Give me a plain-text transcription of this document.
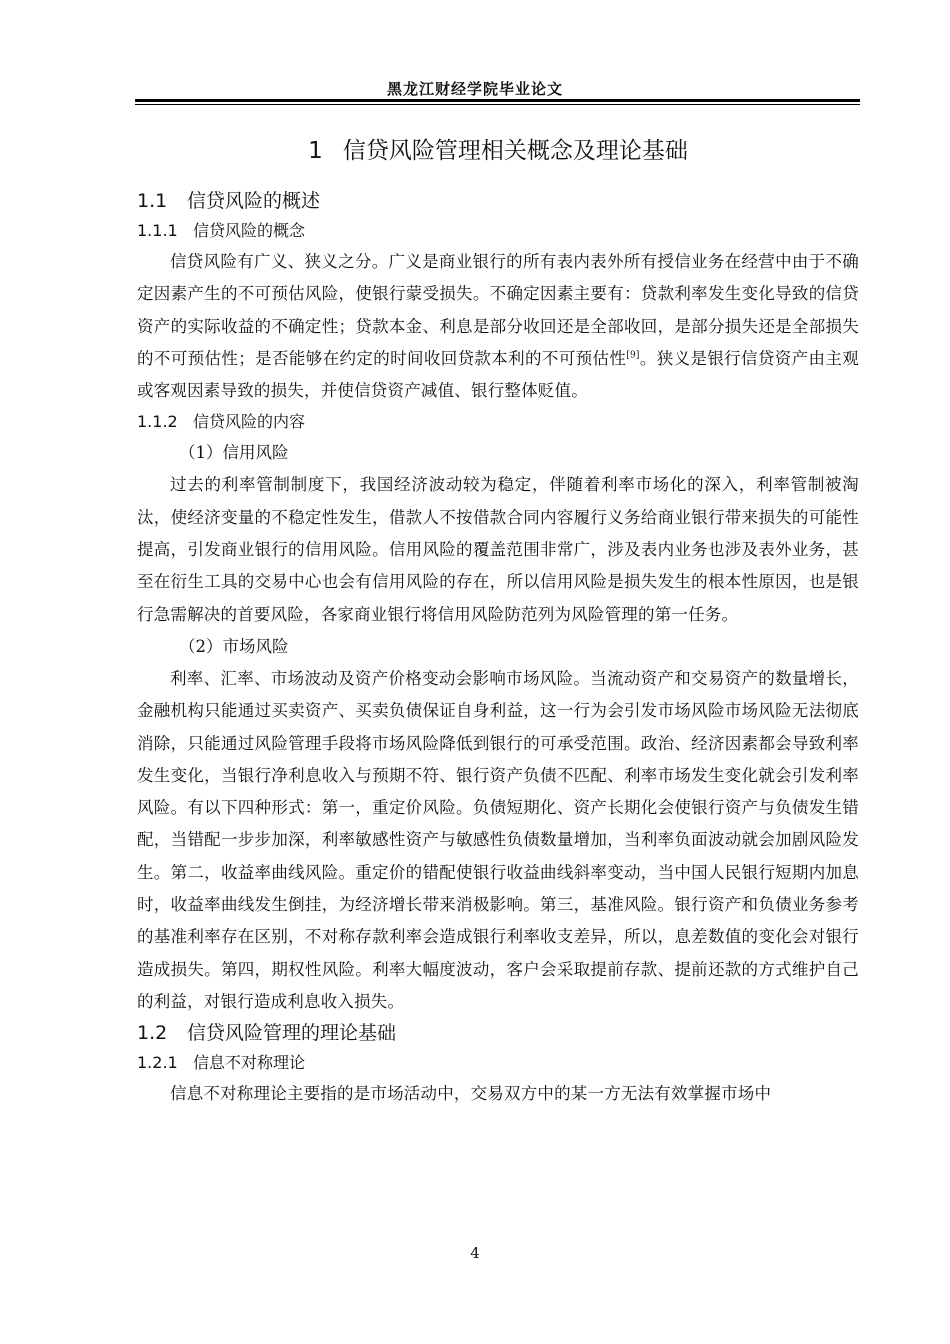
黑龙江财经学院毕业论文
1 信贷风险管理相关概念及理论基础
1.1 信贷风险的概述
1.1.1 信贷风险的概念

信贷风险有广义、狭义之分。广义是商业银行的所有表内表外所有授信业务在经营中由于不确定因素产生的不可预估风险，使银行蒙受损失。不确定因素主要有：贷款利率发生变化导致的信贷资产的实际收益的不确定性；贷款本金、利息是部分收回还是全部收回，是部分损失还是全部损失的不可预估性；是否能够在约定的时间收回贷款本利的不可预估性[9]。狭义是银行信贷资产由主观或客观因素导致的损失，并使信贷资产减值、银行整体贬值。

1.1.2 信贷风险的内容

（1）信用风险

过去的利率管制制度下，我国经济波动较为稳定，伴随着利率市场化的深入，利率管制被淘汰，使经济变量的不稳定性发生，借款人不按借款合同内容履行义务给商业银行带来损失的可能性提高，引发商业银行的信用风险。信用风险的覆盖范围非常广，涉及表内业务也涉及表外业务，甚至在衍生工具的交易中心也会有信用风险的存在，所以信用风险是损失发生的根本性原因，也是银行急需解决的首要风险，各家商业银行将信用风险防范列为风险管理的第一任务。

（2）市场风险

利率、汇率、市场波动及资产价格变动会影响市场风险。当流动资产和交易资产的数量增长，金融机构只能通过买卖资产、买卖负债保证自身利益，这一行为会引发市场风险市场风险无法彻底消除，只能通过风险管理手段将市场风险降低到银行的可承受范围。政治、经济因素都会导致利率发生变化，当银行净利息收入与预期不符、银行资产负债不匹配、利率市场发生变化就会引发利率风险。有以下四种形式：第一，重定价风险。负债短期化、资产长期化会使银行资产与负债发生错配，当错配一步步加深，利率敏感性资产与敏感性负债数量增加，当利率负面波动就会加剧风险发生。第二，收益率曲线风险。重定价的错配使银行收益曲线斜率变动，当中国人民银行短期内加息时，收益率曲线发生倒挂，为经济增长带来消极影响。第三，基准风险。银行资产和负债业务参考的基准利率存在区别，不对称存款利率会造成银行利率收支差异，所以，息差数值的变化会对银行造成损失。第四，期权性风险。利率大幅度波动，客户会采取提前存款、提前还款的方式维护自己的利益，对银行造成利息收入损失。

1.2 信贷风险管理的理论基础
1.2.1 信息不对称理论

信息不对称理论主要指的是市场活动中，交易双方中的某一方无法有效掌握市场中

4
